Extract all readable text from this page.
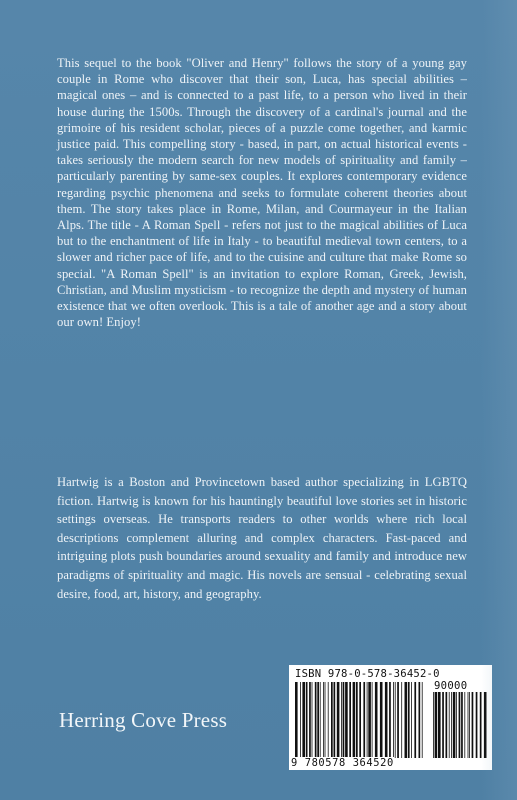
This sequel to the book "Oliver and Henry" follows the story of a young gay couple in Rome who discover that their son, Luca, has special abilities – magical ones – and is connected to a past life, to a person who lived in their house during the 1500s. Through the discovery of a cardinal's journal and the grimoire of his resident scholar, pieces of a puzzle come together, and karmic justice paid. This compelling story - based, in part, on actual historical events - takes seriously the modern search for new models of spirituality and family – particularly parenting by same-sex couples. It explores contemporary evidence regarding psychic phenomena and seeks to formulate coherent theories about them. The story takes place in Rome, Milan, and Courmayeur in the Italian Alps. The title - A Roman Spell - refers not just to the magical abilities of Luca but to the enchantment of life in Italy - to beautiful medieval town centers, to a slower and richer pace of life, and to the cuisine and culture that make Rome so special. "A Roman Spell" is an invitation to explore Roman, Greek, Jewish, Christian, and Muslim mysticism - to recognize the depth and mystery of human existence that we often overlook. This is a tale of another age and a story about our own! Enjoy!

Hartwig is a Boston and Provincetown based author specializing in LGBTQ fiction. Hartwig is known for his hauntingly beautiful love stories set in historic settings overseas. He transports readers to other worlds where rich local descriptions complement alluring and complex characters. Fast-paced and intriguing plots push boundaries around sexuality and family and introduce new paradigms of spirituality and magic. His novels are sensual - celebrating sexual desire, food, art, history, and geography.

Herring Cove Press

ISBN 978-0-578-36452-0
90000
9 780578 364520
